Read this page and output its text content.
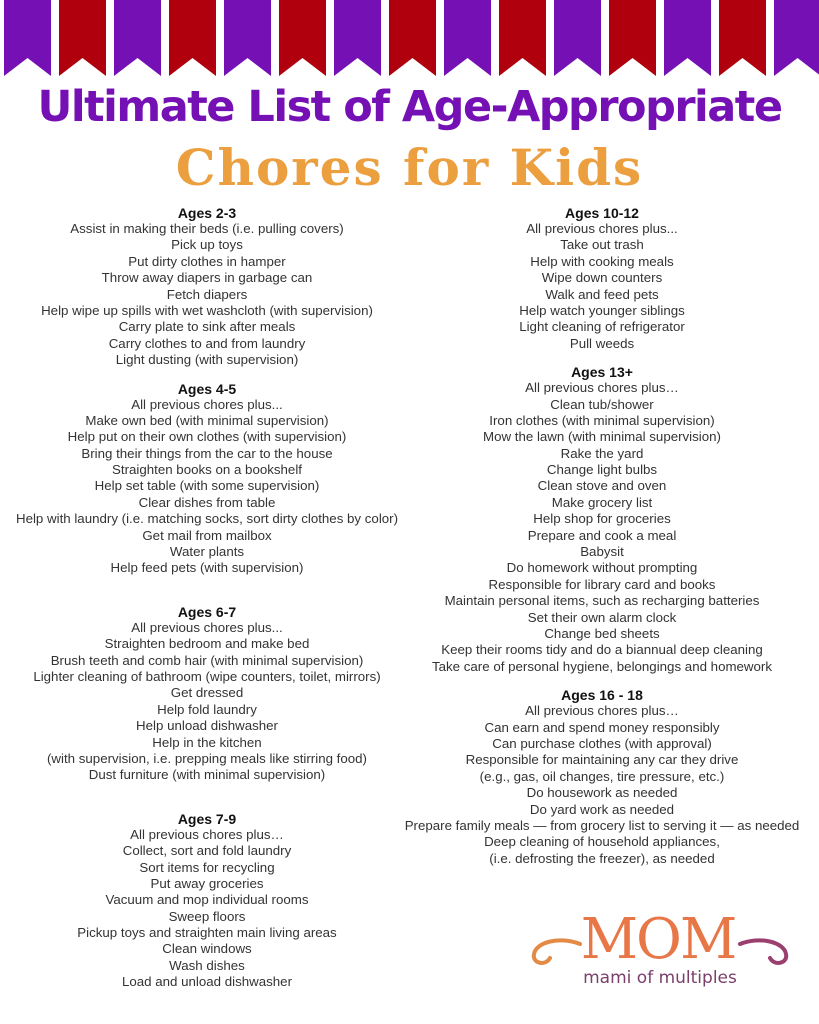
Ultimate List of Age-Appropriate
Chores for Kids
Ages 2-3
Assist in making their beds (i.e. pulling covers)
Pick up toys
Put dirty clothes in hamper
Throw away diapers in garbage can
Fetch diapers
Help wipe up spills with wet washcloth (with supervision)
Carry plate to sink after meals
Carry clothes to and from laundry
Light dusting (with supervision)
Ages 4-5
All previous chores plus...
Make own bed (with minimal supervision)
Help put on their own clothes (with supervision)
Bring their things from the car to the house
Straighten books on a bookshelf
Help set table (with some supervision)
Clear dishes from table
Help with laundry (i.e. matching socks, sort dirty clothes by color)
Get mail from mailbox
Water plants
Help feed pets (with supervision)
Ages 6-7
All previous chores plus...
Straighten bedroom and make bed
Brush teeth and comb hair (with minimal supervision)
Lighter cleaning of bathroom (wipe counters, toilet, mirrors)
Get dressed
Help fold laundry
Help unload dishwasher
Help in the kitchen
(with supervision, i.e. prepping meals like stirring food)
Dust furniture (with minimal supervision)
Ages 7-9
All previous chores plus…
Collect, sort and fold laundry
Sort items for recycling
Put away groceries
Vacuum and mop individual rooms
Sweep floors
Pickup toys and straighten main living areas
Clean windows
Wash dishes
Load and unload dishwasher
Ages 10-12
All previous chores plus...
Take out trash
Help with cooking meals
Wipe down counters
Walk and feed pets
Help watch younger siblings
Light cleaning of refrigerator
Pull weeds
Ages 13+
All previous chores plus…
Clean tub/shower
Iron clothes (with minimal supervision)
Mow the lawn (with minimal supervision)
Rake the yard
Change light bulbs
Clean stove and oven
Make grocery list
Help shop for groceries
Prepare and cook a meal
Babysit
Do homework without prompting
Responsible for library card and books
Maintain personal items, such as recharging batteries
Set their own alarm clock
Change bed sheets
Keep their rooms tidy and do a biannual deep cleaning
Take care of personal hygiene, belongings and homework
Ages 16 - 18
All previous chores plus…
Can earn and spend money responsibly
Can purchase clothes (with approval)
Responsible for maintaining any car they drive
(e.g., gas, oil changes, tire pressure, etc.)
Do housework as needed
Do yard work as needed
Prepare family meals — from grocery list to serving it — as needed
Deep cleaning of household appliances,
(i.e. defrosting the freezer), as needed
MOM
mami of multiples
